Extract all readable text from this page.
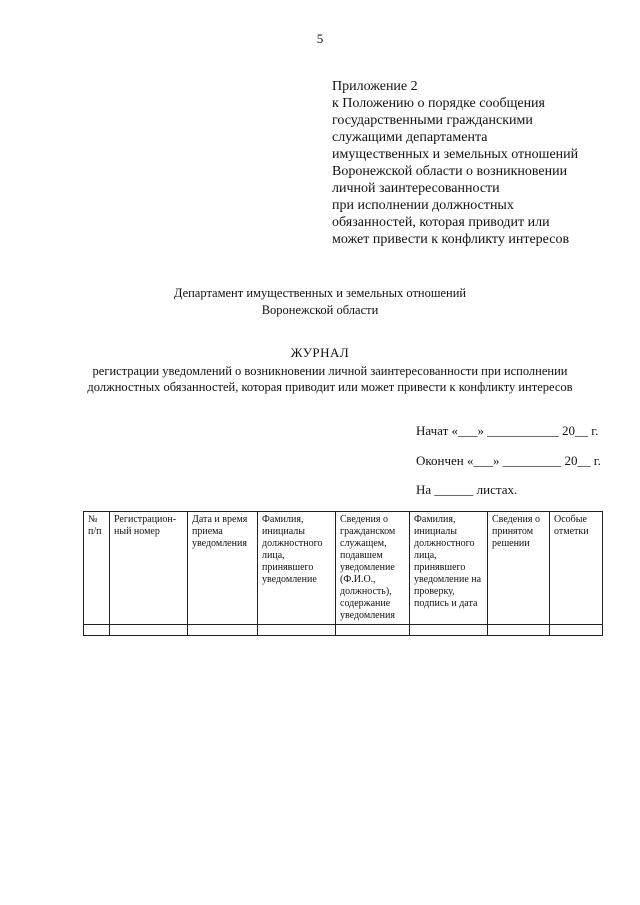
5
Приложение 2
к Положению о порядке сообщения
государственными гражданскими
служащими департамента
имущественных и земельных отношений
Воронежской области о возникновении
личной заинтересованности
при исполнении должностных
обязанностей, которая приводит или
может привести к конфликту интересов
Департамент имущественных и земельных отношений
Воронежской области
ЖУРНАЛ
регистрации уведомлений о возникновении личной заинтересованности при исполнении
должностных обязанностей, которая приводит или может привести к конфликту интересов
Начат «___» ___________ 20__ г.
Окончен «___» _________ 20__ г.
На ______ листах.
№ п/п	Регистрацион-ный номер	Дата и время приема уведомления	Фамилия, инициалы должностного лица, принявшего уведомление	Сведения о гражданском служащем, подавшем уведомление (Ф.И.О., должность), содержание уведомления	Фамилия, инициалы должностного лица, принявшего уведомление на проверку, подпись и дата	Сведения о принятом решении	Особые отметки
